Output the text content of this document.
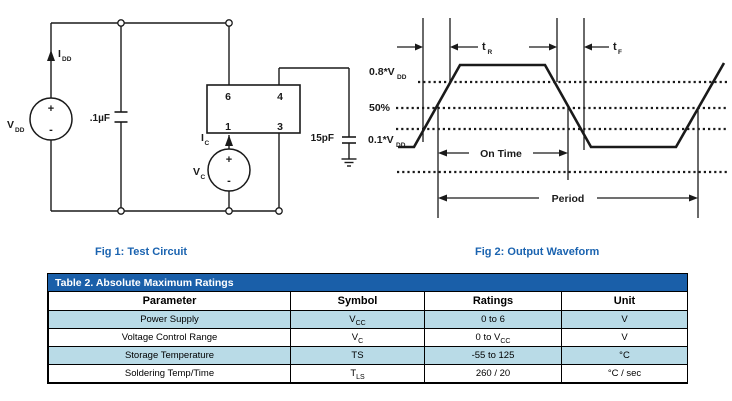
I DD
V DD
+
-
.1µF
6	4
1	3
I C
V C
+
-
15pF
t R	t F
On Time
Period
0.8*V DD
50%
0.1*V DD
Fig 1: Test Circuit	Fig 2: Output Waveform
Table 2. Absolute Maximum Ratings
Parameter	Symbol	Ratings	Unit
Power Supply	$V_{CC}$	0 to 6	V
Voltage Control Range	$V_C$	0 to $V_{CC}$	V
Storage Temperature	TS	-55 to 125	°C
Soldering Temp/Time	$T_{LS}$	260 / 20	°C / sec
